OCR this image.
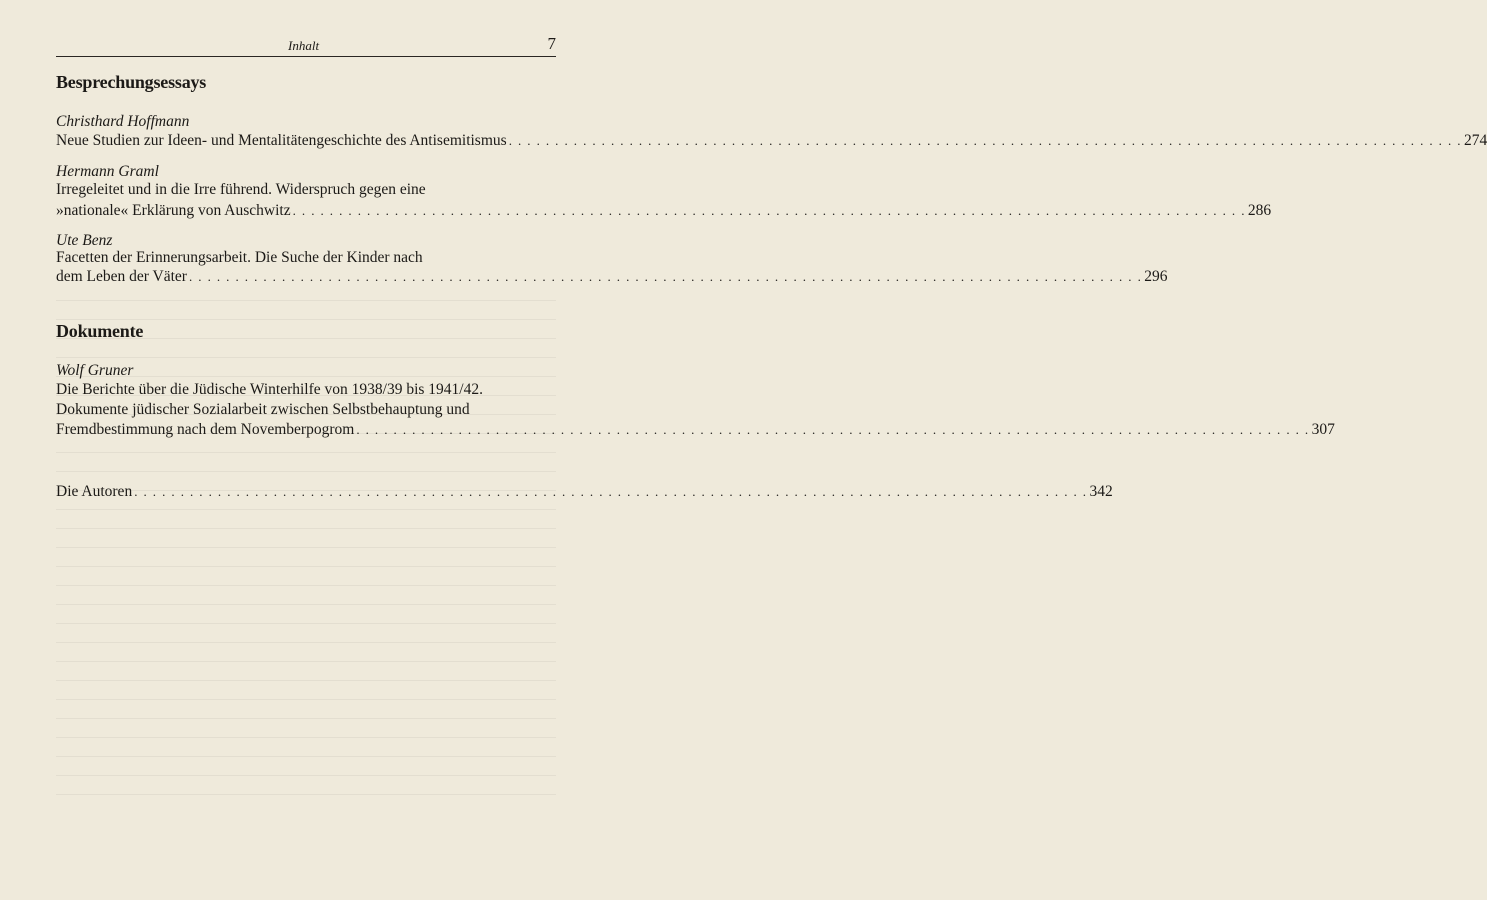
Inhalt	7
Besprechungsessays
Christhard Hoffmann
Neue Studien zur Ideen- und Mentalitätengeschichte des Antisemitismus . . . . . . . . . . . . . . . . . . . . . . . . . . . . . . . . . . . . . . . . . . . . . . . . . . . . . . . . . . . . . . . . . . . . . . . . . . . . . . . . . . . . . . . . . . . . . . . . . . . . . . . 274
Hermann Graml
Irregeleitet und in die Irre führend. Widerspruch gegen eine
»nationale« Erklärung von Auschwitz . . . . . . . . . . . . . . . . . . . . . . . . . . . . . . . . . . . . . . . . . . . . . . . . . . . . . . . . . . . . . . . . . . . . . . . . . . . . . . . . . . . . . . . . . . . . . . . . . . . . . . . 286
Ute Benz
Facetten der Erinnerungsarbeit. Die Suche der Kinder nach
dem Leben der Väter . . . . . . . . . . . . . . . . . . . . . . . . . . . . . . . . . . . . . . . . . . . . . . . . . . . . . . . . . . . . . . . . . . . . . . . . . . . . . . . . . . . . . . . . . . . . . . . . . . . . . . . 296
Dokumente
Wolf Gruner
Die Berichte über die Jüdische Winterhilfe von 1938/39 bis 1941/42.
Dokumente jüdischer Sozialarbeit zwischen Selbstbehauptung und
Fremdbestimmung nach dem Novemberpogrom . . . . . . . . . . . . . . . . . . . . . . . . . . . . . . . . . . . . . . . . . . . . . . . . . . . . . . . . . . . . . . . . . . . . . . . . . . . . . . . . . . . . . . . . . . . . . . . . . . . . . . . 307
Die Autoren . . . . . . . . . . . . . . . . . . . . . . . . . . . . . . . . . . . . . . . . . . . . . . . . . . . . . . . . . . . . . . . . . . . . . . . . . . . . . . . . . . . . . . . . . . . . . . . . . . . . . . . 342
